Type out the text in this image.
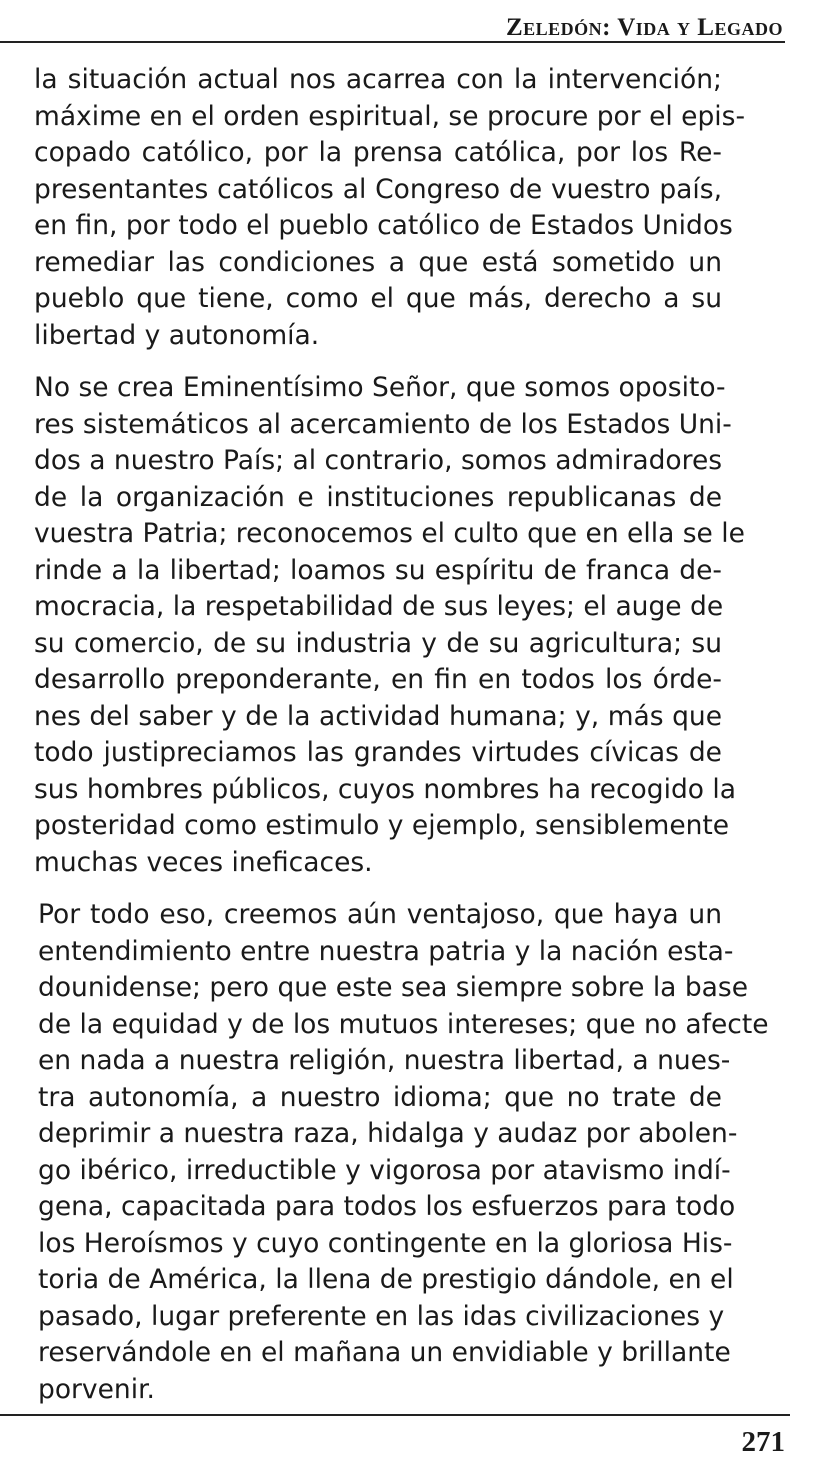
Zeledón: Vida y Legado
la situación actual nos acarrea con la intervención;
máxime en el orden espiritual, se procure por el epis-
copado católico, por la prensa católica, por los Re-
presentantes católicos al Congreso de vuestro país,
en fin, por todo el pueblo católico de Estados Unidos
remediar las condiciones a que está sometido un
pueblo que tiene, como el que más, derecho a su
libertad y autonomía.
No se crea Eminentísimo Señor, que somos oposito-
res sistemáticos al acercamiento de los Estados Uni-
dos a nuestro País; al contrario, somos admiradores
de la organización e instituciones republicanas de
vuestra Patria; reconocemos el culto que en ella se le
rinde a la libertad; loamos su espíritu de franca de-
mocracia, la respetabilidad de sus leyes; el auge de
su comercio, de su industria y de su agricultura; su
desarrollo preponderante, en fin en todos los órde-
nes del saber y de la actividad humana; y, más que
todo justipreciamos las grandes virtudes cívicas de
sus hombres públicos, cuyos nombres ha recogido la
posteridad como estimulo y ejemplo, sensiblemente
muchas veces ineficaces.
Por todo eso, creemos aún ventajoso, que haya un
entendimiento entre nuestra patria y la nación esta-
dounidense; pero que este sea siempre sobre la base
de la equidad y de los mutuos intereses; que no afecte
en nada a nuestra religión, nuestra libertad, a nues-
tra autonomía, a nuestro idioma; que no trate de
deprimir a nuestra raza, hidalga y audaz por abolen-
go ibérico, irreductible y vigorosa por atavismo indí-
gena, capacitada para todos los esfuerzos para todo
los Heroísmos y cuyo contingente en la gloriosa His-
toria de América, la llena de prestigio dándole, en el
pasado, lugar preferente en las idas civilizaciones y
reservándole en el mañana un envidiable y brillante
porvenir.
271
